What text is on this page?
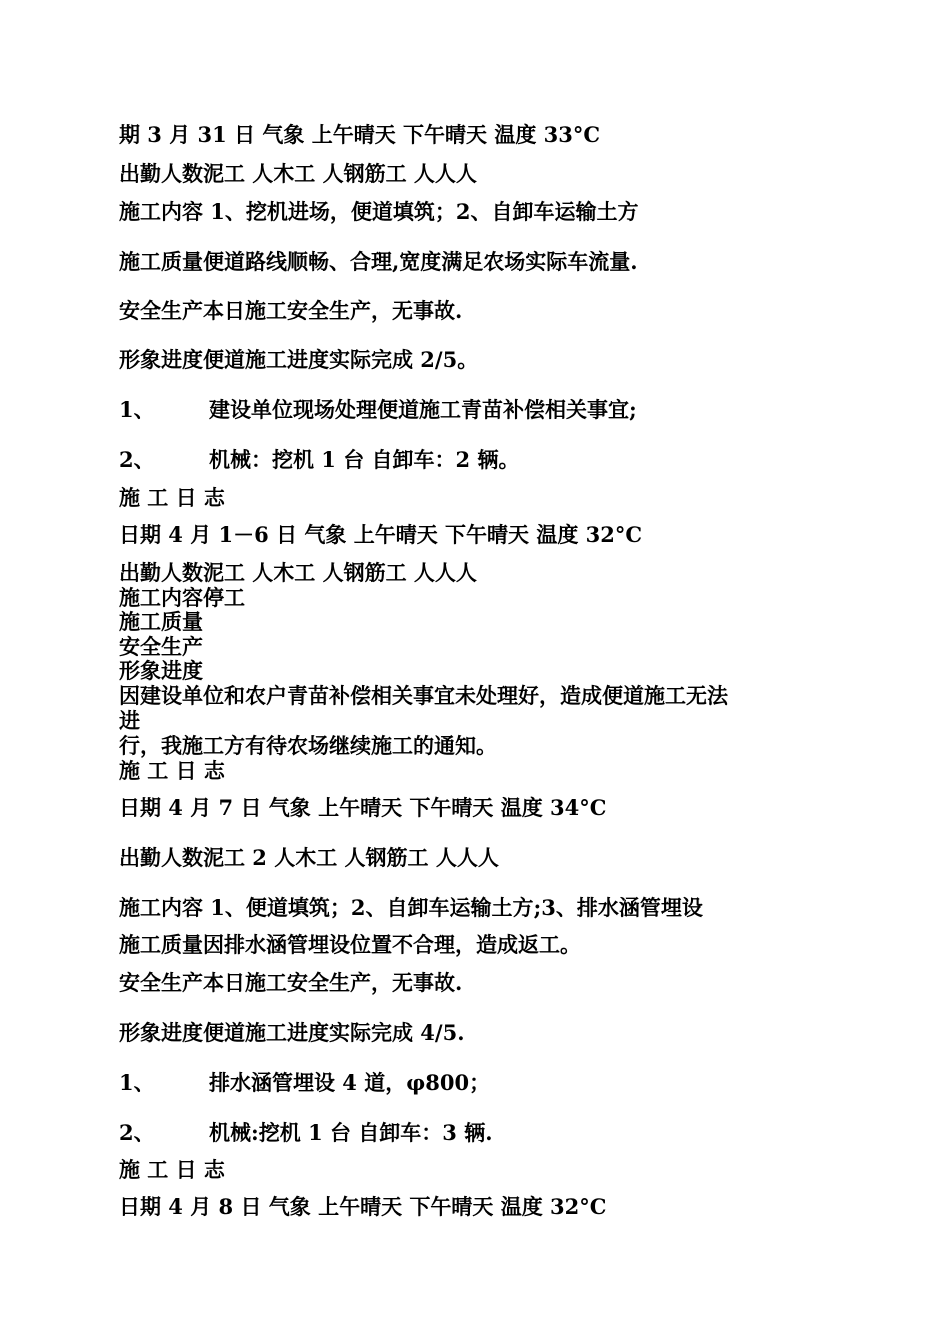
期 3 月 31 日 气象 上午晴天 下午晴天 温度 33°C
出勤人数泥工 人木工 人钢筋工 人人人
施工内容 1、挖机进场，便道填筑；2、自卸车运输土方
施工质量便道路线顺畅、合理,宽度满足农场实际车流量.
安全生产本日施工安全生产，无事故.
形象进度便道施工进度实际完成 2/5。
1、	建设单位现场处理便道施工青苗补偿相关事宜;
2、	机械：挖机 1 台 自卸车：2 辆。
施 工 日 志
日期 4 月 1－6 日 气象 上午晴天 下午晴天 温度 32°C
出勤人数泥工 人木工 人钢筋工 人人人
施工内容停工
施工质量
安全生产
形象进度
因建设单位和农户青苗补偿相关事宜未处理好，造成便道施工无法
进
行，我施工方有待农场继续施工的通知。
施 工 日 志
日期 4 月 7 日 气象 上午晴天 下午晴天 温度 34°C
出勤人数泥工 2 人木工 人钢筋工 人人人
施工内容 1、便道填筑；2、自卸车运输土方;3、排水涵管埋设
施工质量因排水涵管埋设位置不合理，造成返工。
安全生产本日施工安全生产，无事故.
形象进度便道施工进度实际完成 4/5.
1、	排水涵管埋设 4 道，φ800；
2、	机械:挖机 1 台 自卸车：3 辆.
施 工 日 志
日期 4 月 8 日 气象 上午晴天 下午晴天 温度 32°C
